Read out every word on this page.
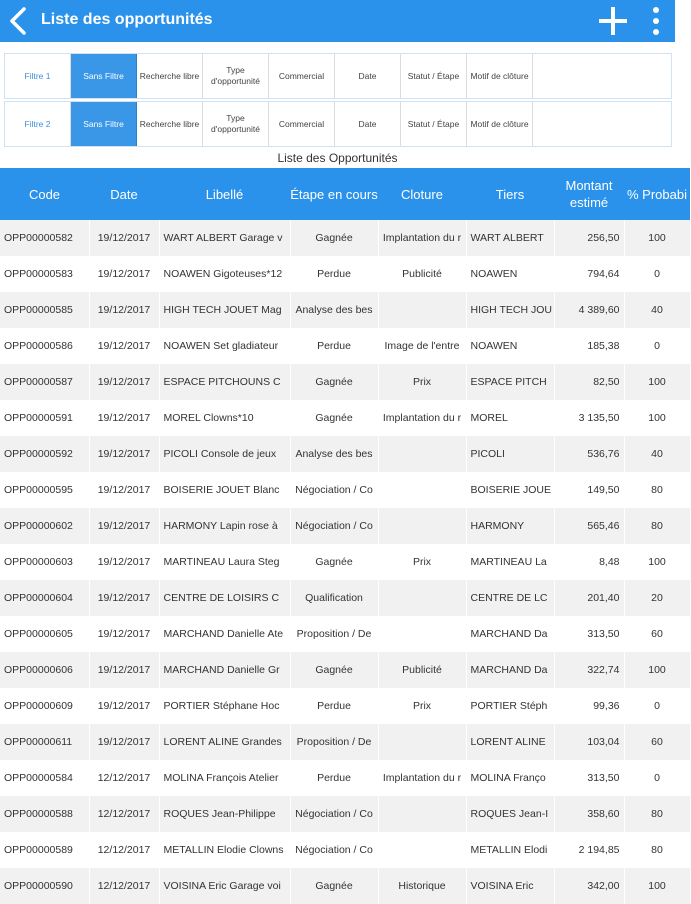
Liste des opportunités
Filtre 1	Sans Filtre	Recherche libre
Type d'opportunité
Commercial	Date	Statut / Étape	Motif de clôture
Filtre 2	Sans Filtre	Recherche libre
Type d'opportunité
Commercial	Date	Statut / Étape	Motif de clôture
Liste des Opportunités
Code	Date	Libellé	Étape en cours	Cloture	Tiers	Montant estimé	% Probabi
OPP00000582	19/12/2017	WART ALBERT Garage v	Gagnée	Implantation du r	WART ALBERT	256,50	100
OPP00000583	19/12/2017	NOAWEN Gigoteuses*12	Perdue	Publicité	NOAWEN	794,64	0
OPP00000585	19/12/2017	HIGH TECH JOUET Mag	Analyse des bes		HIGH TECH JOU	4 389,60	40
OPP00000586	19/12/2017	NOAWEN Set gladiateur	Perdue	Image de l'entre	NOAWEN	185,38	0
OPP00000587	19/12/2017	ESPACE PITCHOUNS C	Gagnée	Prix	ESPACE PITCH	82,50	100
OPP00000591	19/12/2017	MOREL Clowns*10	Gagnée	Implantation du r	MOREL	3 135,50	100
OPP00000592	19/12/2017	PICOLI Console de jeux	Analyse des bes		PICOLI	536,76	40
OPP00000595	19/12/2017	BOISERIE JOUET Blanc	Négociation / Co		BOISERIE JOUE	149,50	80
OPP00000602	19/12/2017	HARMONY Lapin rose à	Négociation / Co		HARMONY	565,46	80
OPP00000603	19/12/2017	MARTINEAU Laura Steg	Gagnée	Prix	MARTINEAU La	8,48	100
OPP00000604	19/12/2017	CENTRE DE LOISIRS C	Qualification		CENTRE DE LC	201,40	20
OPP00000605	19/12/2017	MARCHAND Danielle Ate	Proposition / De		MARCHAND Da	313,50	60
OPP00000606	19/12/2017	MARCHAND Danielle Gr	Gagnée	Publicité	MARCHAND Da	322,74	100
OPP00000609	19/12/2017	PORTIER Stéphane Hoc	Perdue	Prix	PORTIER Stéph	99,36	0
OPP00000611	19/12/2017	LORENT ALINE Grandes	Proposition / De		LORENT ALINE	103,04	60
OPP00000584	12/12/2017	MOLINA François Atelier	Perdue	Implantation du r	MOLINA Franço	313,50	0
OPP00000588	12/12/2017	ROQUES Jean-Philippe	Négociation / Co		ROQUES Jean-I	358,60	80
OPP00000589	12/12/2017	METALLIN Elodie Clowns	Négociation / Co		METALLIN Elodi	2 194,85	80
OPP00000590	12/12/2017	VOISINA Eric Garage voi	Gagnée	Historique	VOISINA Eric	342,00	100
